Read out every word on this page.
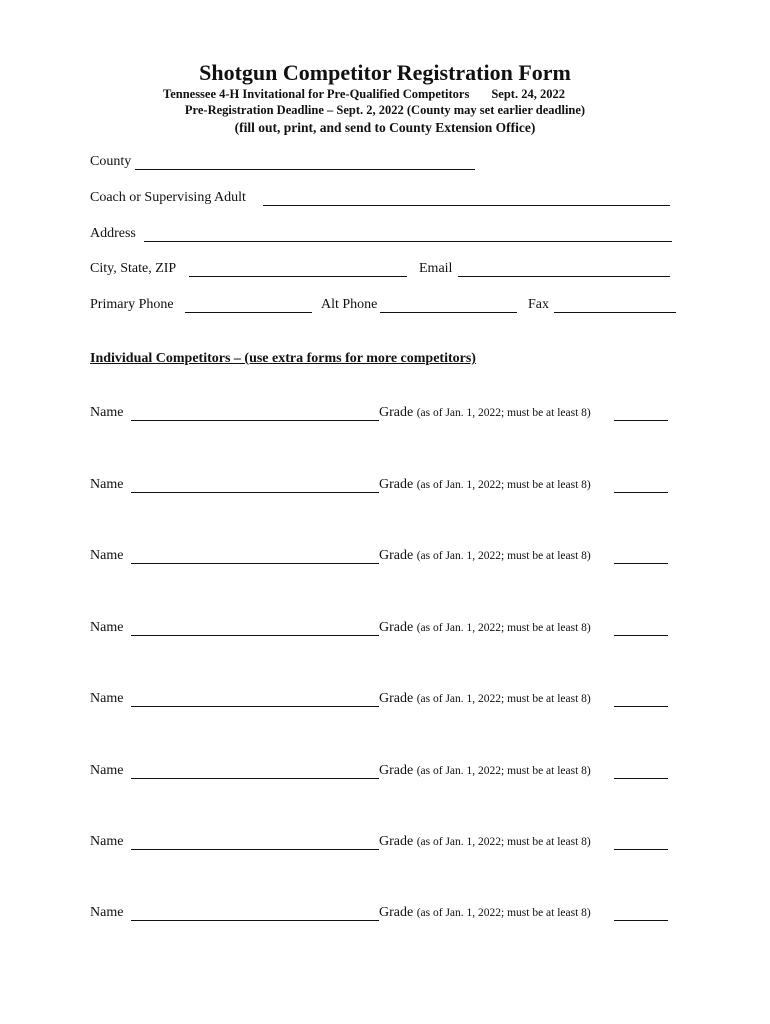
Shotgun Competitor Registration Form
Tennessee 4-H Invitational for Pre-Qualified Competitors Sept. 24, 2022
Pre-Registration Deadline – Sept. 2, 2022 (County may set earlier deadline)
(fill out, print, and send to County Extension Office)
County
Coach or Supervising Adult
Address
City, State, ZIP	Email
Primary Phone	Alt Phone	Fax
Individual Competitors – (use extra forms for more competitors)
Name	Grade (as of Jan. 1, 2022; must be at least 8)
Name	Grade (as of Jan. 1, 2022; must be at least 8)
Name	Grade (as of Jan. 1, 2022; must be at least 8)
Name	Grade (as of Jan. 1, 2022; must be at least 8)
Name	Grade (as of Jan. 1, 2022; must be at least 8)
Name	Grade (as of Jan. 1, 2022; must be at least 8)
Name	Grade (as of Jan. 1, 2022; must be at least 8)
Name	Grade (as of Jan. 1, 2022; must be at least 8)
